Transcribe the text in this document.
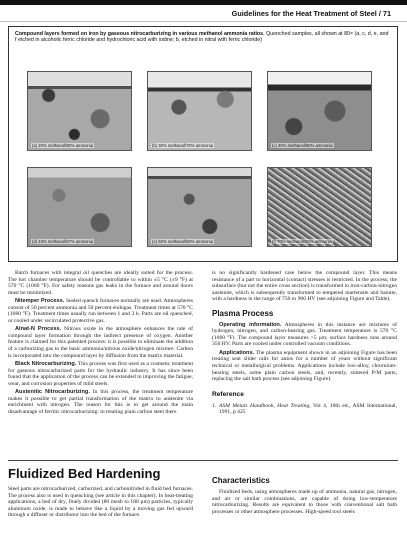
Guidelines for the Heat Treatment of Steel / 71
Compound layers formed on iron by gaseous nitrocarburizing in various methanol ammonia ratios. Quenched samples, all shown at 80× (a, c, d, e, and f etched in alcoholic ferric chloride and hydrochloric acid with iodine; b, etched in nitral with ferric chloride)
(a) 20% methanol/80% ammonia	(b) 30% methanol/70% ammonia	(c) 40% methanol/60% ammonia
(d) 43% methanol/57% ammonia	(e) 50% methanol/50% ammonia	(f) 70% methanol/30% ammonia

Batch furnaces with integral oil quenches are ideally suited for the process. The hot chamber temperature should be controllable to within ±5 °C (±9 °F) at 570 °C (1060 °F). For safety reasons gas leaks in the furnace and around doors must be minimized.

Nitemper Process. Sealed quench furnaces normally are used. Atmospheres consist of 50 percent ammonia and 50 percent endogas. Treatment times at 570 °C (1060 °F). Treatment times usually run between 1 and 3 h. Parts are oil quenched, or cooled under recirculated protective gas.

Alnat-N Process. Nitrous oxide in the atmosphere enhances the rate of compound layer formation through the indirect presence of oxygen. Another feature is claimed for this patented process: it is possible to eliminate the addition of a carburizing gas to the basic ammonia/nitrous oxide/nitrogen mixture. Carbon is incorporated into the compound layer by diffusion from the matrix material.

Black Nitrocarburizing. This process was first used as a cosmetic treatment for gaseous nitrocarburized parts for the hydraulic industry. It has since been found that the application of the process can be extended to improving the fatigue, wear, and corrosion properties of mild steels.

Austenitic Nitrocarburizing. In this process, the treatment temperature makes it possible to get partial transformation of the matrix to austenite via enrichment with nitrogen. The reason for this is to get around the main disadvantage of ferritic nitrocarburizing: in treating plain carbon steel there

is no significantly hardened case below the compound layer. This means resistance of a part to horizontal (contact) stresses is restricted. In the process, the subsurface (but not the entire cross section) is transformed to iron-carbon-nitrogen austenite, which is subsequently transformed to tempered martensite and bainite, with a hardness in the range of 750 to 900 HV (see adjoining Figure and Table).

Plasma Process

Operating information. Atmospheres in this instance are mixtures of hydrogen, nitrogen, and carbon-bearing gas. Treatment temperature is 570 °C (1060 °F). The compound layer measures >5 μm; surface hardness runs around 350 HV. Parts are cooled under controlled vacuum conditions.

Applications. The plasma equipment shown in an adjoining Figure has been treating seat slider rails for autos for a number of years without significant technical or metallurgical problems. Applications include low-alloy, chromium-bearing steels, some plain carbon steels, and, recently, sintered P/M parts, replacing the salt bath process (see adjoining Figure).

Reference

1. ASM Metals Handbook, Heat Treating, Vol 4, 10th ed., ASM International, 1991, p 425

Fluidized Bed Hardening

Steel parts are nitrocarburized, carburized, and carbonitrided in fluid bed furnaces. The process also is used in quenching (see article in this chapter). In heat-treating applications, a bed of dry, finely divided (80 mesh to 180 μm) particles, typically aluminum oxide, is made to behave like a liquid by a moving gas fed upward through a diffuser or distributor into the bed of the furnace.

Characteristics

Fluidized beds, using atmospheres made up of ammonia, natural gas, nitrogen, and air or similar combinations, are capable of doing low-temperature nitrocarburizing. Results are equivalent to those with conventional salt bath processes or other atmosphere processes. High-speed tool steels
